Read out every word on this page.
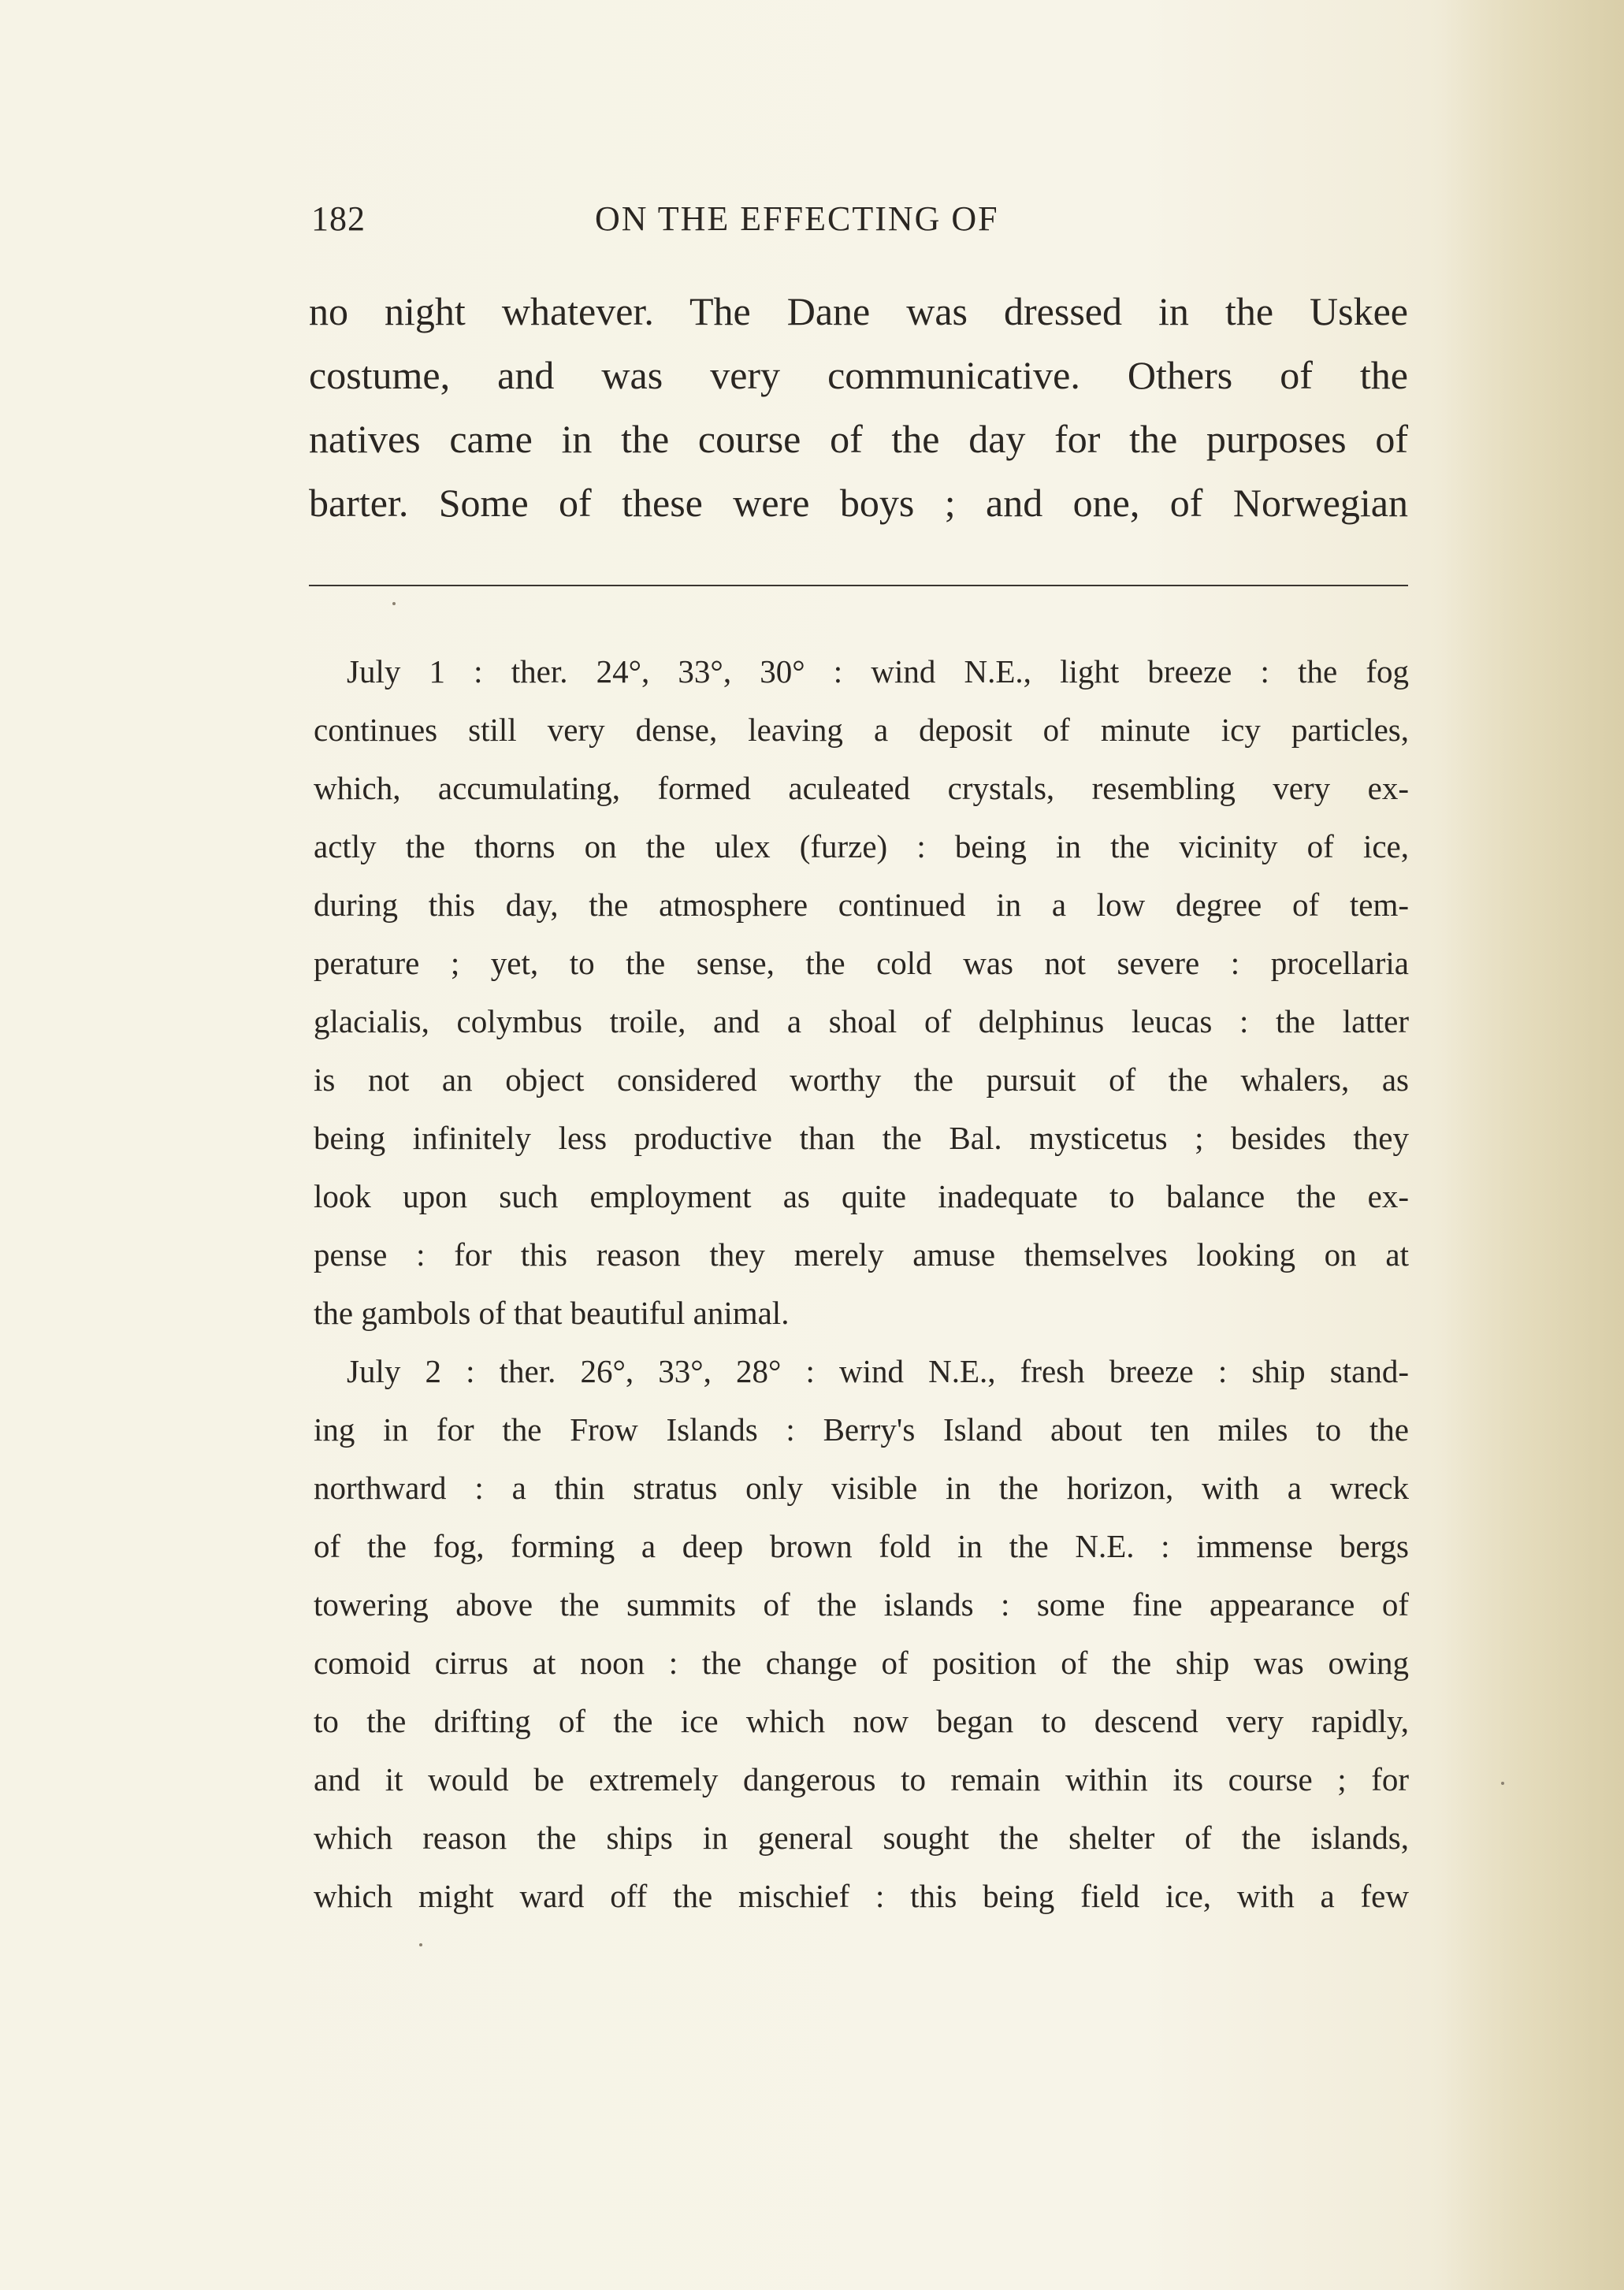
182	ON THE EFFECTING OF
no night whatever. The Dane was dressed in the Uskee
costume, and was very communicative. Others of the
natives came in the course of the day for the purposes of
barter. Some of these were boys ; and one, of Norwegian
July 1 : ther. 24°, 33°, 30° : wind N.E., light breeze : the fog
continues still very dense, leaving a deposit of minute icy particles,
which, accumulating, formed aculeated crystals, resembling very ex-
actly the thorns on the ulex (furze) : being in the vicinity of ice,
during this day, the atmosphere continued in a low degree of tem-
perature ; yet, to the sense, the cold was not severe : procellaria
glacialis, colymbus troile, and a shoal of delphinus leucas : the latter
is not an object considered worthy the pursuit of the whalers, as
being infinitely less productive than the Bal. mysticetus ; besides they
look upon such employment as quite inadequate to balance the ex-
pense : for this reason they merely amuse themselves looking on at
the gambols of that beautiful animal.
July 2 : ther. 26°, 33°, 28° : wind N.E., fresh breeze : ship stand-
ing in for the Frow Islands : Berry's Island about ten miles to the
northward : a thin stratus only visible in the horizon, with a wreck
of the fog, forming a deep brown fold in the N.E. : immense bergs
towering above the summits of the islands : some fine appearance of
comoid cirrus at noon : the change of position of the ship was owing
to the drifting of the ice which now began to descend very rapidly,
and it would be extremely dangerous to remain within its course ; for
which reason the ships in general sought the shelter of the islands,
which might ward off the mischief : this being field ice, with a few
